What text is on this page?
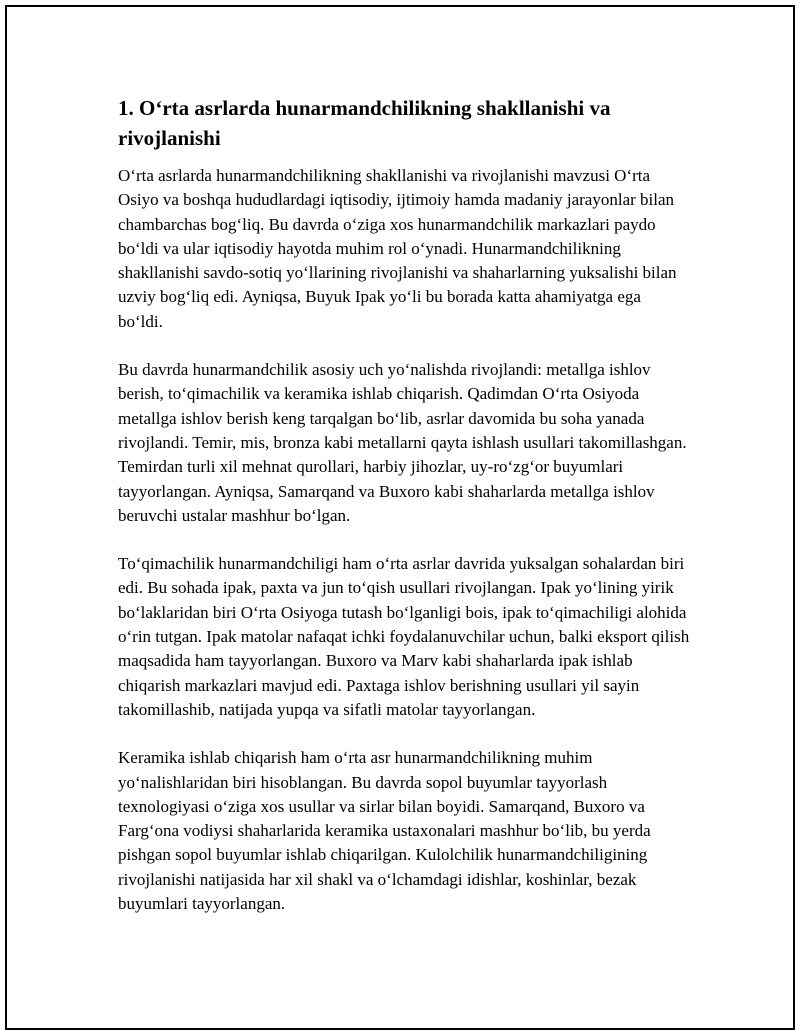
1. O‘rta asrlarda hunarmandchilikning shakllanishi va rivojlanishi

O‘rta asrlarda hunarmandchilikning shakllanishi va rivojlanishi mavzusi O‘rta Osiyo va boshqa hududlardagi iqtisodiy, ijtimoiy hamda madaniy jarayonlar bilan chambarchas bog‘liq. Bu davrda o‘ziga xos hunarmandchilik markazlari paydo bo‘ldi va ular iqtisodiy hayotda muhim rol o‘ynadi. Hunarmandchilikning shakllanishi savdo-sotiq yo‘llarining rivojlanishi va shaharlarning yuksalishi bilan uzviy bog‘liq edi. Ayniqsa, Buyuk Ipak yo‘li bu borada katta ahamiyatga ega bo‘ldi.

Bu davrda hunarmandchilik asosiy uch yo‘nalishda rivojlandi: metallga ishlov berish, to‘qimachilik va keramika ishlab chiqarish. Qadimdan O‘rta Osiyoda metallga ishlov berish keng tarqalgan bo‘lib, asrlar davomida bu soha yanada rivojlandi. Temir, mis, bronza kabi metallarni qayta ishlash usullari takomillashgan. Temirdan turli xil mehnat qurollari, harbiy jihozlar, uy-ro‘zg‘or buyumlari tayyorlangan. Ayniqsa, Samarqand va Buxoro kabi shaharlarda metallga ishlov beruvchi ustalar mashhur bo‘lgan.

To‘qimachilik hunarmandchiligi ham o‘rta asrlar davrida yuksalgan sohalardan biri edi. Bu sohada ipak, paxta va jun to‘qish usullari rivojlangan. Ipak yo‘lining yirik bo‘laklaridan biri O‘rta Osiyoga tutash bo‘lganligi bois, ipak to‘qimachiligi alohida o‘rin tutgan. Ipak matolar nafaqat ichki foydalanuvchilar uchun, balki eksport qilish maqsadida ham tayyorlangan. Buxoro va Marv kabi shaharlarda ipak ishlab chiqarish markazlari mavjud edi. Paxtaga ishlov berishning usullari yil sayin takomillashib, natijada yupqa va sifatli matolar tayyorlangan.

Keramika ishlab chiqarish ham o‘rta asr hunarmandchilikning muhim yo‘nalishlaridan biri hisoblangan. Bu davrda sopol buyumlar tayyorlash texnologiyasi o‘ziga xos usullar va sirlar bilan boyidi. Samarqand, Buxoro va Farg‘ona vodiysi shaharlarida keramika ustaxonalari mashhur bo‘lib, bu yerda pishgan sopol buyumlar ishlab chiqarilgan. Kulolchilik hunarmandchiligining rivojlanishi natijasida har xil shakl va o‘lchamdagi idishlar, koshinlar, bezak buyumlari tayyorlangan.
